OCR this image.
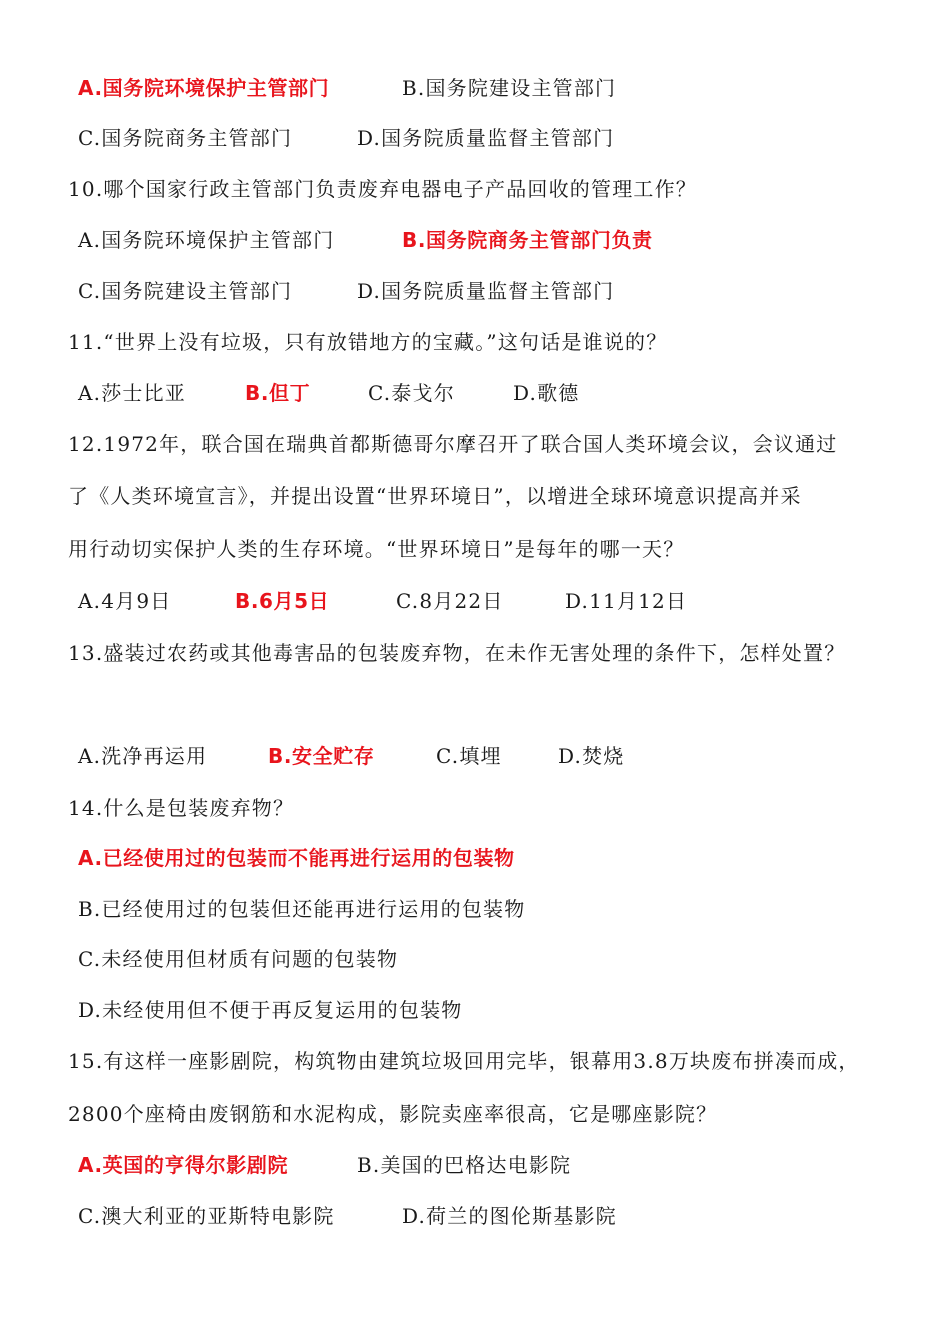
A.国务院环境保护主管部门	B.国务院建设主管部门
C.国务院商务主管部门	D.国务院质量监督主管部门
10.哪个国家行政主管部门负责废弃电器电子产品回收的管理工作？
A.国务院环境保护主管部门	B.国务院商务主管部门负责
C.国务院建设主管部门	D.国务院质量监督主管部门
11.“世界上没有垃圾，只有放错地方的宝藏。”这句话是谁说的？
A.莎士比亚	B.但丁	C.泰戈尔	D.歌德
12.1972年，联合国在瑞典首都斯德哥尔摩召开了联合国人类环境会议，会议通过
了《人类环境宣言》，并提出设置“世界环境日”，以增进全球环境意识提高并采
用行动切实保护人类的生存环境。“世界环境日”是每年的哪一天？
A.4月9日	B.6月5日	C.8月22日	D.11月12日
13.盛装过农药或其他毒害品的包装废弃物，在未作无害处理的条件下，怎样处置？
A.洗净再运用	B.安全贮存	C.填埋	D.焚烧
14.什么是包装废弃物？
A.已经使用过的包装而不能再进行运用的包装物
B.已经使用过的包装但还能再进行运用的包装物
C.未经使用但材质有问题的包装物
D.未经使用但不便于再反复运用的包装物
15.有这样一座影剧院，构筑物由建筑垃圾回用完毕，银幕用3.8万块废布拼凑而成，
2800个座椅由废钢筋和水泥构成，影院卖座率很高，它是哪座影院？
A.英国的亨得尔影剧院	B.美国的巴格达电影院
C.澳大利亚的亚斯特电影院	D.荷兰的图伦斯基影院
